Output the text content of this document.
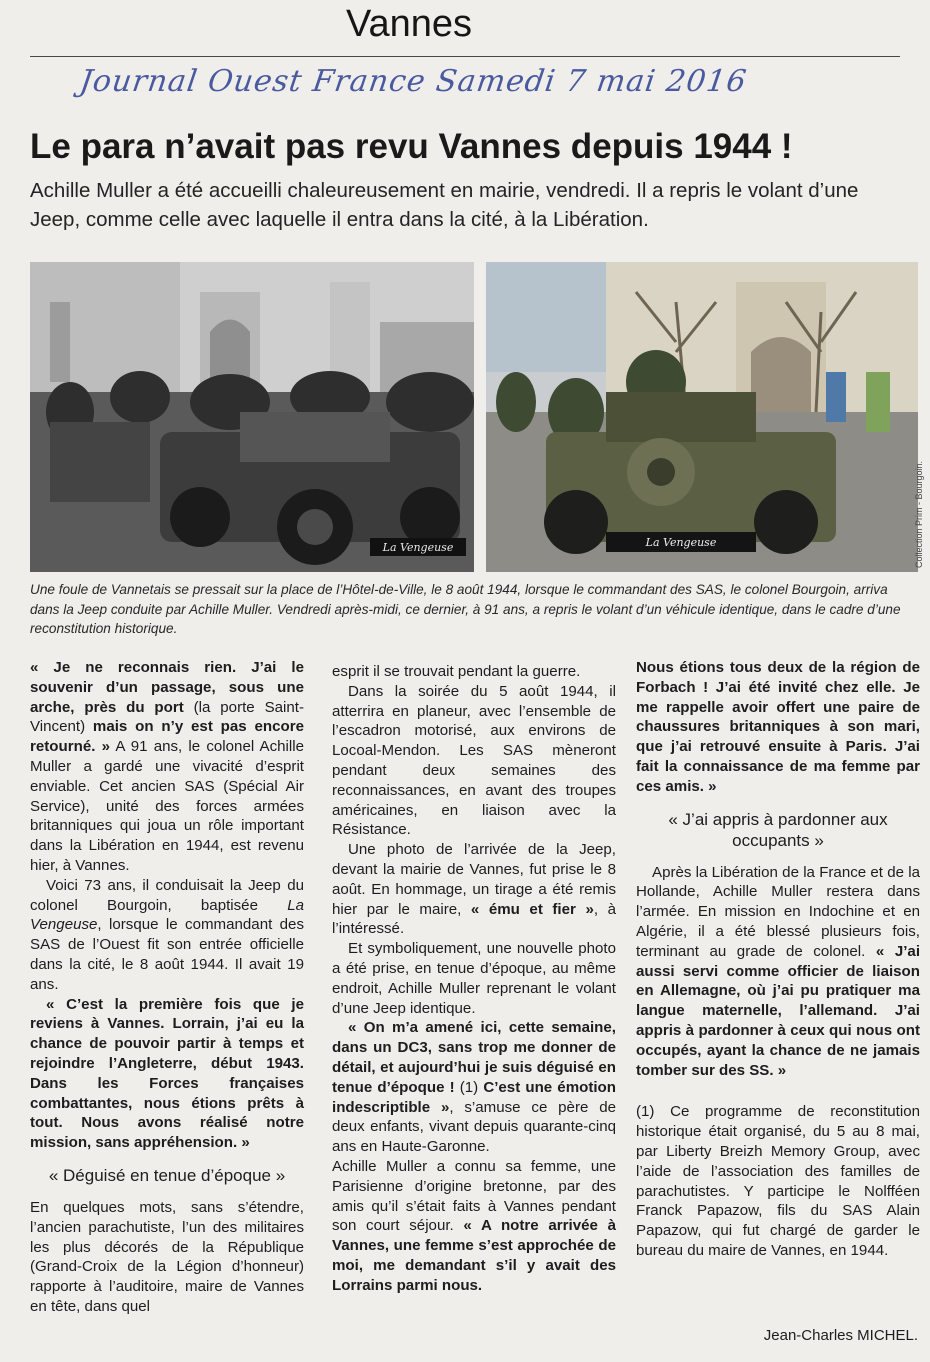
Vannes
Journal Ouest France Samedi 7 mai 2016
Le para n’avait pas revu Vannes depuis 1944 !
Achille Muller a été accueilli chaleureusement en mairie, vendredi. Il a repris le volant d’une Jeep, comme celle avec laquelle il entra dans la cité, à la Libération.
La Vengeuse	La Vengeuse	Collection Prim - Bourgoin.
Une foule de Vannetais se pressait sur la place de l’Hôtel-de-Ville, le 8 août 1944, lorsque le commandant des SAS, le colonel Bourgoin, arriva dans la Jeep conduite par Achille Muller. Vendredi après-midi, ce dernier, à 91 ans, a repris le volant d’un véhicule identique, dans le cadre d’une reconstitution historique.

« Je ne reconnais rien. J’ai le souvenir d’un passage, sous une arche, près du port (la porte Saint-Vincent) mais on n’y est pas encore retourné. » A 91 ans, le colonel Achille Muller a gardé une vivacité d’esprit enviable. Cet ancien SAS (Spécial Air Service), unité des forces armées britanniques qui joua un rôle important dans la Libération en 1944, est revenu hier, à Vannes.

Voici 73 ans, il conduisait la Jeep du colonel Bourgoin, baptisée La Vengeuse, lorsque le commandant des SAS de l’Ouest fit son entrée officielle dans la cité, le 8 août 1944. Il avait 19 ans.

« C’est la première fois que je reviens à Vannes. Lorrain, j’ai eu la chance de pouvoir partir à temps et rejoindre l’Angleterre, début 1943. Dans les Forces françaises combattantes, nous étions prêts à tout. Nous avons réalisé notre mission, sans appréhension. »

« Déguisé en tenue d’époque »

En quelques mots, sans s’étendre, l’ancien parachutiste, l’un des militaires les plus décorés de la République (Grand-Croix de la Légion d’honneur) rapporte à l’auditoire, maire de Vannes en tête, dans quel

esprit il se trouvait pendant la guerre.

Dans la soirée du 5 août 1944, il atterrira en planeur, avec l’ensemble de l’escadron motorisé, aux environs de Locoal-Mendon. Les SAS mèneront pendant deux semaines des reconnaissances, en avant des troupes américaines, en liaison avec la Résistance.

Une photo de l’arrivée de la Jeep, devant la mairie de Vannes, fut prise le 8 août. En hommage, un tirage a été remis hier par le maire, « ému et fier », à l’intéressé.

Et symboliquement, une nouvelle photo a été prise, en tenue d’époque, au même endroit, Achille Muller reprenant le volant d’une Jeep identique.

« On m’a amené ici, cette semaine, dans un DC3, sans trop me donner de détail, et aujourd’hui je suis déguisé en tenue d’époque ! (1) C’est une émotion indescriptible », s’amuse ce père de deux enfants, vivant depuis quarante-cinq ans en Haute-Garonne.

Achille Muller a connu sa femme, une Parisienne d’origine bretonne, par des amis qu’il s’était faits à Vannes pendant son court séjour. « A notre arrivée à Vannes, une femme s’est approchée de moi, me demandant s’il y avait des Lorrains parmi nous.

Nous étions tous deux de la région de Forbach ! J’ai été invité chez elle. Je me rappelle avoir offert une paire de chaussures britanniques à son mari, que j’ai retrouvé ensuite à Paris. J’ai fait la connaissance de ma femme par ces amis. »

« J’ai appris à pardonner aux occupants »

Après la Libération de la France et de la Hollande, Achille Muller restera dans l’armée. En mission en Indochine et en Algérie, il a été blessé plusieurs fois, terminant au grade de colonel. « J’ai aussi servi comme officier de liaison en Allemagne, où j’ai pu pratiquer ma langue maternelle, l’allemand. J’ai appris à pardonner à ceux qui nous ont occupés, ayant la chance de ne jamais tomber sur des SS. »

(1) Ce programme de reconstitution historique était organisé, du 5 au 8 mai, par Liberty Breizh Memory Group, avec l’aide de l’association des familles de parachutistes. Y participe le Nolfféen Franck Papazow, fils du SAS Alain Papazow, qui fut chargé de garder le bureau du maire de Vannes, en 1944.

Jean-Charles MICHEL.
